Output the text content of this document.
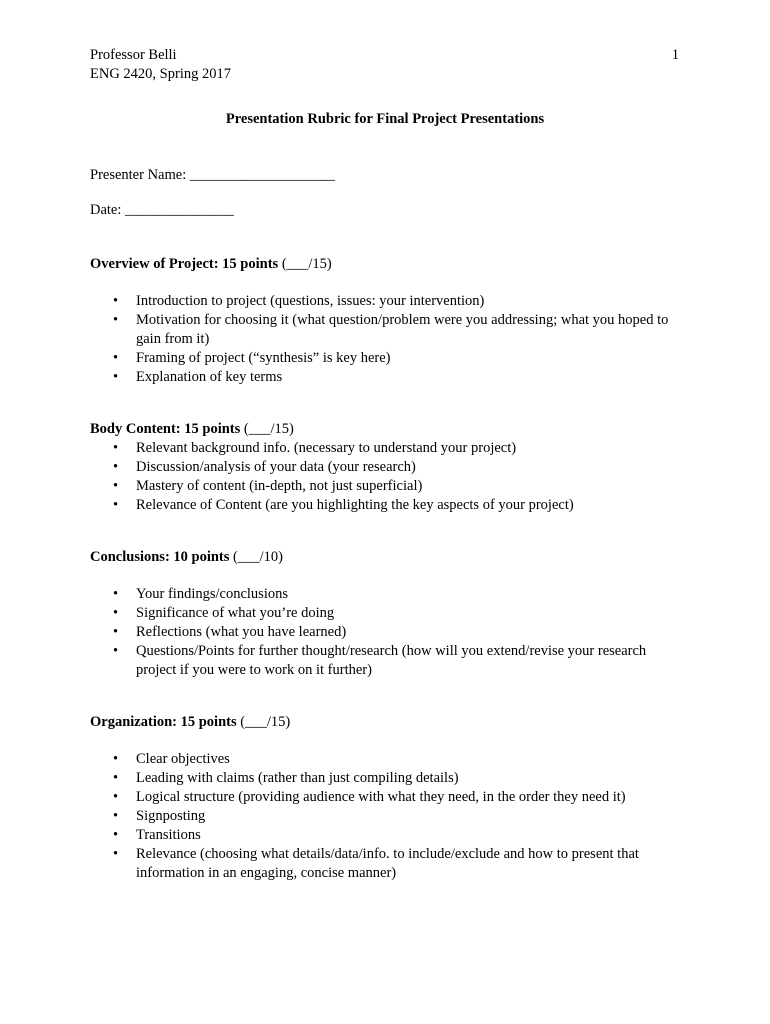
Professor Belli
ENG 2420, Spring 2017
1
Presentation Rubric for Final Project Presentations
Presenter Name: ____________________
Date: _______________
Overview of Project: 15 points (___/15)
• Introduction to project (questions, issues: your intervention)
• Motivation for choosing it (what question/problem were you addressing; what you hoped to gain from it)
• Framing of project (“synthesis” is key here)
• Explanation of key terms
Body Content: 15 points (___/15)
• Relevant background info. (necessary to understand your project)
• Discussion/analysis of your data (your research)
• Mastery of content (in-depth, not just superficial)
• Relevance of Content (are you highlighting the key aspects of your project)
Conclusions: 10 points (___/10)
• Your findings/conclusions
• Significance of what you’re doing
• Reflections (what you have learned)
• Questions/Points for further thought/research (how will you extend/revise your research project if you were to work on it further)
Organization: 15 points (___/15)
• Clear objectives
• Leading with claims (rather than just compiling details)
• Logical structure (providing audience with what they need, in the order they need it)
• Signposting
• Transitions
• Relevance (choosing what details/data/info. to include/exclude and how to present that information in an engaging, concise manner)
